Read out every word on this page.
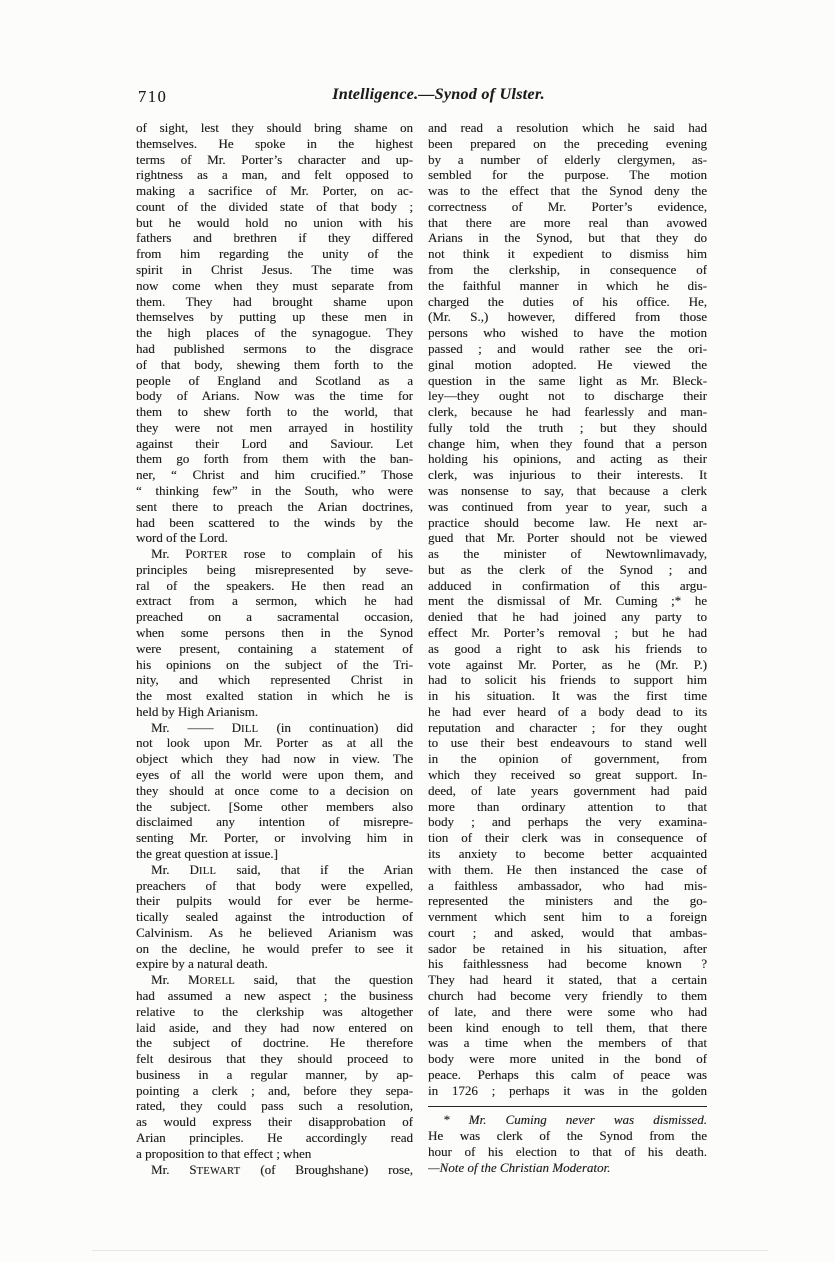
710	Intelligence.—Synod of Ulster.
of sight, lest they should bring shame on
themselves. He spoke in the highest
terms of Mr. Porter’s character and up-
rightness as a man, and felt opposed to
making a sacrifice of Mr. Porter, on ac-
count of the divided state of that body ;
but he would hold no union with his
fathers and brethren if they differed
from him regarding the unity of the
spirit in Christ Jesus. The time was
now come when they must separate from
them. They had brought shame upon
themselves by putting up these men in
the high places of the synagogue. They
had published sermons to the disgrace
of that body, shewing them forth to the
people of England and Scotland as a
body of Arians. Now was the time for
them to shew forth to the world, that
they were not men arrayed in hostility
against their Lord and Saviour. Let
them go forth from them with the ban-
ner, “ Christ and him crucified.” Those
“ thinking few” in the South, who were
sent there to preach the Arian doctrines,
had been scattered to the winds by the
word of the Lord.
Mr. PORTER rose to complain of his
principles being misrepresented by seve-
ral of the speakers. He then read an
extract from a sermon, which he had
preached on a sacramental occasion,
when some persons then in the Synod
were present, containing a statement of
his opinions on the subject of the Tri-
nity, and which represented Christ in
the most exalted station in which he is
held by High Arianism.
Mr. —— DILL (in continuation) did
not look upon Mr. Porter as at all the
object which they had now in view. The
eyes of all the world were upon them, and
they should at once come to a decision on
the subject. [Some other members also
disclaimed any intention of misrepre-
senting Mr. Porter, or involving him in
the great question at issue.]
Mr. DILL said, that if the Arian
preachers of that body were expelled,
their pulpits would for ever be herme-
tically sealed against the introduction of
Calvinism. As he believed Arianism was
on the decline, he would prefer to see it
expire by a natural death.
Mr. MORELL said, that the question
had assumed a new aspect ; the business
relative to the clerkship was altogether
laid aside, and they had now entered on
the subject of doctrine. He therefore
felt desirous that they should proceed to
business in a regular manner, by ap-
pointing a clerk ; and, before they sepa-
rated, they could pass such a resolution,
as would express their disapprobation of
Arian principles. He accordingly read
a proposition to that effect ; when
Mr. STEWART (of Broughshane) rose,
and read a resolution which he said had
been prepared on the preceding evening
by a number of elderly clergymen, as-
sembled for the purpose. The motion
was to the effect that the Synod deny the
correctness of Mr. Porter’s evidence,
that there are more real than avowed
Arians in the Synod, but that they do
not think it expedient to dismiss him
from the clerkship, in consequence of
the faithful manner in which he dis-
charged the duties of his office. He,
(Mr. S.,) however, differed from those
persons who wished to have the motion
passed ; and would rather see the ori-
ginal motion adopted. He viewed the
question in the same light as Mr. Bleck-
ley—they ought not to discharge their
clerk, because he had fearlessly and man-
fully told the truth ; but they should
change him, when they found that a person
holding his opinions, and acting as their
clerk, was injurious to their interests. It
was nonsense to say, that because a clerk
was continued from year to year, such a
practice should become law. He next ar-
gued that Mr. Porter should not be viewed
as the minister of Newtownlimavady,
but as the clerk of the Synod ; and
adduced in confirmation of this argu-
ment the dismissal of Mr. Cuming ;* he
denied that he had joined any party to
effect Mr. Porter’s removal ; but he had
as good a right to ask his friends to
vote against Mr. Porter, as he (Mr. P.)
had to solicit his friends to support him
in his situation. It was the first time
he had ever heard of a body dead to its
reputation and character ; for they ought
to use their best endeavours to stand well
in the opinion of government, from
which they received so great support. In-
deed, of late years government had paid
more than ordinary attention to that
body ; and perhaps the very examina-
tion of their clerk was in consequence of
its anxiety to become better acquainted
with them. He then instanced the case of
a faithless ambassador, who had mis-
represented the ministers and the go-
vernment which sent him to a foreign
court ; and asked, would that ambas-
sador be retained in his situation, after
his faithlessness had become known ?
They had heard it stated, that a certain
church had become very friendly to them
of late, and there were some who had
been kind enough to tell them, that there
was a time when the members of that
body were more united in the bond of
peace. Perhaps this calm of peace was
in 1726 ; perhaps it was in the golden
* Mr. Cuming never was dismissed.
He was clerk of the Synod from the
hour of his election to that of his death.
—Note of the Christian Moderator.
